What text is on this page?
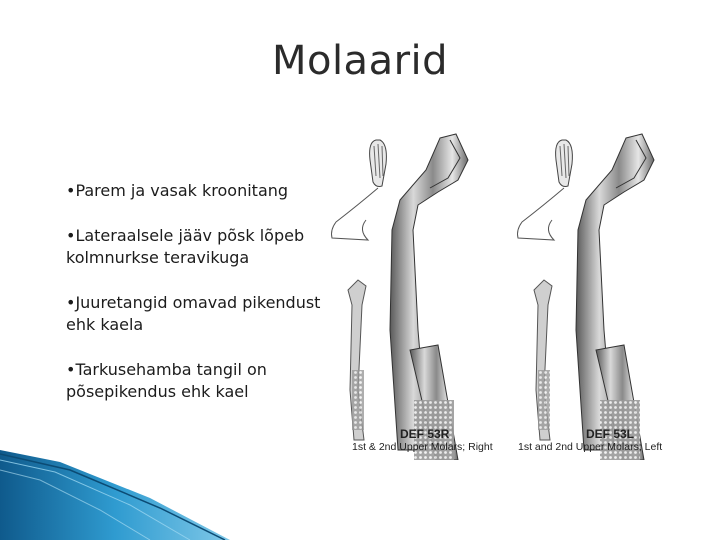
Molaarid
•Parem ja vasak kroonitang
•Lateraalsele jääv põsk lõpeb kolmnurkse teravikuga
•Juuretangid omavad pikendust ehk kaela
•Tarkusehamba tangil on põsepikendus ehk kael
DEF 53R
1st & 2nd Upper Molars; Right
DEF 53L
1st and 2nd Upper Molars; Left
